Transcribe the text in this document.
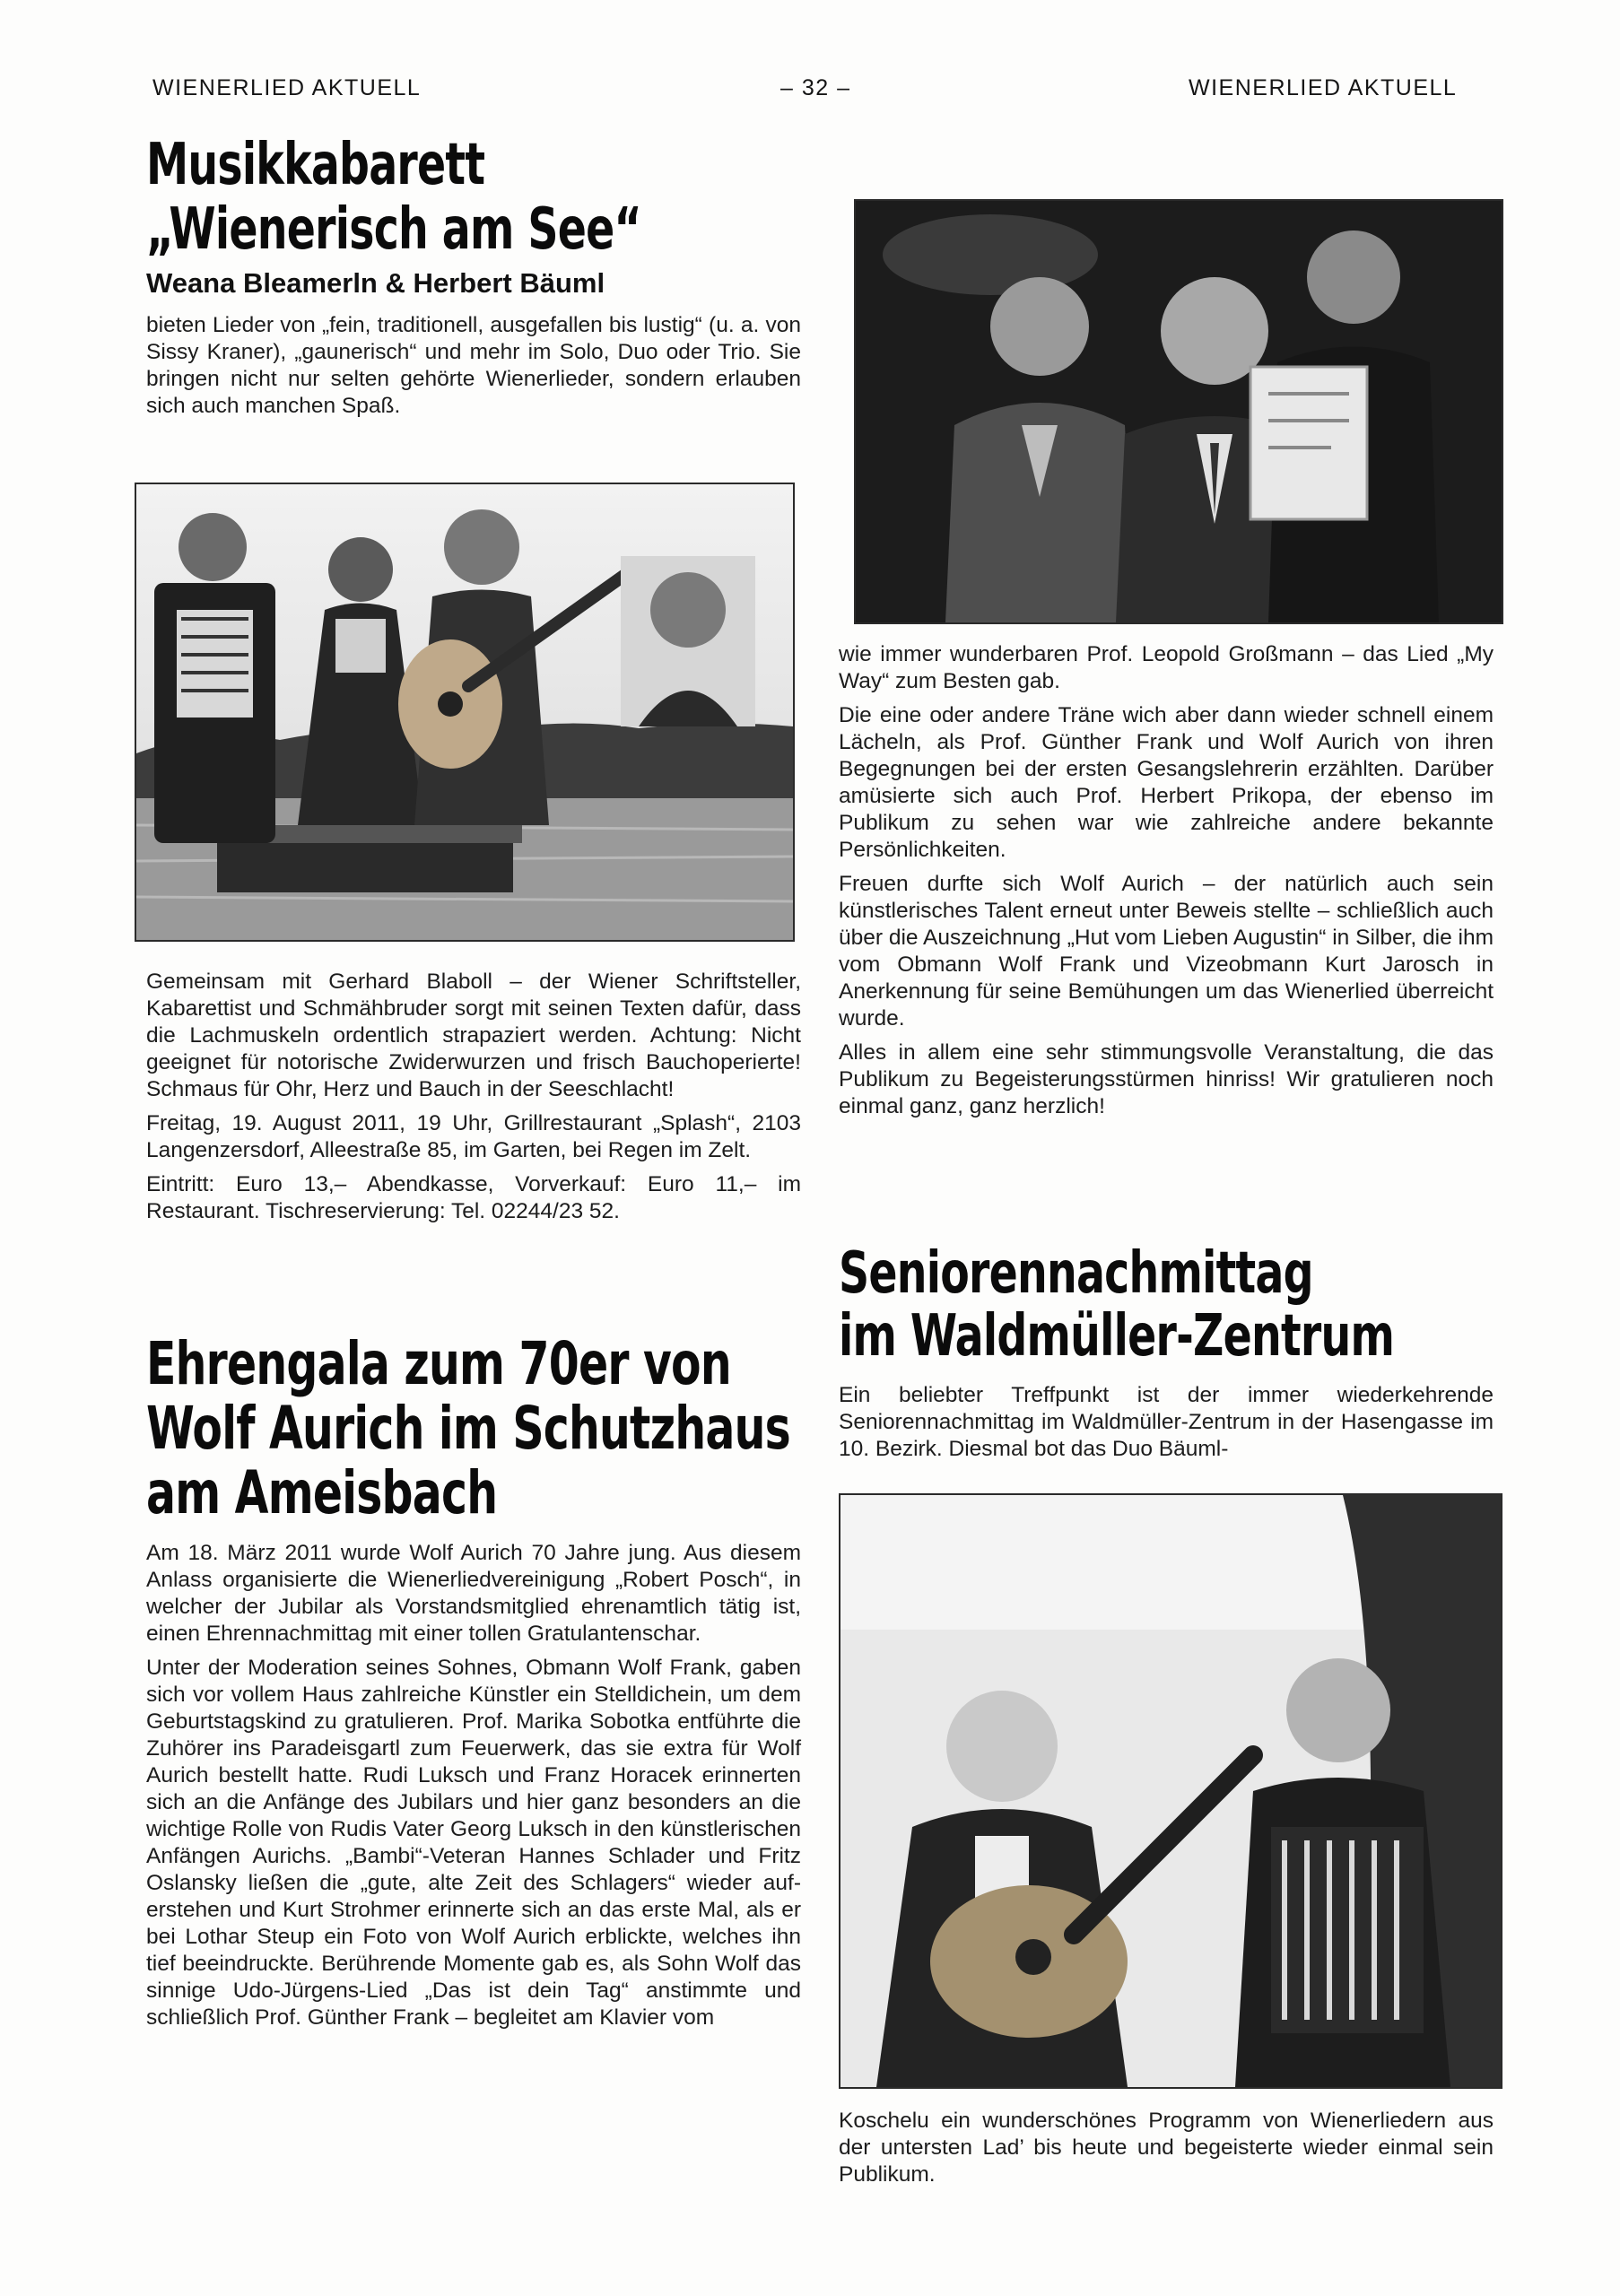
WIENERLIED AKTUELL	– 32 –	WIENERLIED AKTUELL
Musikkabarett
„Wienerisch am See“

Weana Bleamerln & Herbert Bäuml

bieten Lieder von „fein, traditionell, ausgefallen bis lustig“ (u. a. von Sissy Kraner), „gaunerisch“ und mehr im Solo, Duo oder Trio. Sie bringen nicht nur selten gehörte Wienerlieder, sondern erlauben sich auch manchen Spaß.

Gemeinsam mit Gerhard Blaboll – der Wiener Schriftsteller, Kabarettist und Schmähbruder sorgt mit seinen Texten dafür, dass die Lachmuskeln ordentlich strapaziert werden. Achtung: Nicht geeignet für notorische Zwiderwurzen und frisch Bauchoperierte! Schmaus für Ohr, Herz und Bauch in der Seeschlacht!

Freitag, 19. August 2011, 19 Uhr, Grillrestaurant „Splash“, 2103 Langenzersdorf, Alleestraße 85, im Garten, bei Regen im Zelt.

Eintritt: Euro 13,– Abendkasse, Vorverkauf: Euro 11,– im Restaurant. Tischreservierung: Tel. 02244/23 52.

Ehrengala zum 70er von
Wolf Aurich im Schutzhaus
am Ameisbach

Am 18. März 2011 wurde Wolf Aurich 70 Jahre jung. Aus diesem Anlass organisierte die Wienerliedvereinigung „Robert Posch“, in welcher der Jubilar als Vorstandsmitglied ehrenamtlich tätig ist, einen Ehrennachmittag mit einer tollen Gratulantenschar.

Unter der Moderation seines Sohnes, Obmann Wolf Frank, gaben sich vor vollem Haus zahlreiche Künstler ein Stelldichein, um dem Geburtstagskind zu gratulieren. Prof. Marika Sobotka entführte die Zuhörer ins Paradeisgartl zum Feuerwerk, das sie extra für Wolf Aurich bestellt hatte. Rudi Luksch und Franz Horacek erinnerten sich an die Anfänge des Jubilars und hier ganz besonders an die wichtige Rolle von Rudis Vater Georg Luksch in den künstlerischen Anfängen Aurichs. „Bambi“-Veteran Hannes Schlader und Fritz Oslansky ließen die „gute, alte Zeit des Schlagers“ wieder auferstehen und Kurt Strohmer erinnerte sich an das erste Mal, als er bei Lothar Steup ein Foto von Wolf Aurich erblickte, welches ihn tief beeindruckte. Berührende Momente gab es, als Sohn Wolf das sinnige Udo-Jürgens-Lied „Das ist dein Tag“ anstimmte und schließlich Prof. Günther Frank – begleitet am Klavier vom

wie immer wunderbaren Prof. Leopold Großmann – das Lied „My Way“ zum Besten gab.

Die eine oder andere Träne wich aber dann wieder schnell einem Lächeln, als Prof. Günther Frank und Wolf Aurich von ihren Begegnungen bei der ersten Gesangslehrerin erzählten. Darüber amüsierte sich auch Prof. Herbert Prikopa, der ebenso im Publikum zu sehen war wie zahlreiche andere bekannte Persönlichkeiten.

Freuen durfte sich Wolf Aurich – der natürlich auch sein künstlerisches Talent erneut unter Beweis stellte – schließlich auch über die Auszeichnung „Hut vom Lieben Augustin“ in Silber, die ihm vom Obmann Wolf Frank und Vizeobmann Kurt Jarosch in Anerkennung für seine Bemühungen um das Wienerlied überreicht wurde.

Alles in allem eine sehr stimmungsvolle Veranstaltung, die das Publikum zu Begeisterungsstürmen hinriss! Wir gratulieren noch einmal ganz, ganz herzlich!

Seniorennachmittag
im Waldmüller-Zentrum

Ein beliebter Treffpunkt ist der immer wiederkehrende Seniorennachmittag im Waldmüller-Zentrum in der Hasengasse im 10. Bezirk. Diesmal bot das Duo Bäuml-

Koschelu ein wunderschönes Programm von Wienerliedern aus der untersten Lad’ bis heute und begeisterte wieder einmal sein Publikum.
